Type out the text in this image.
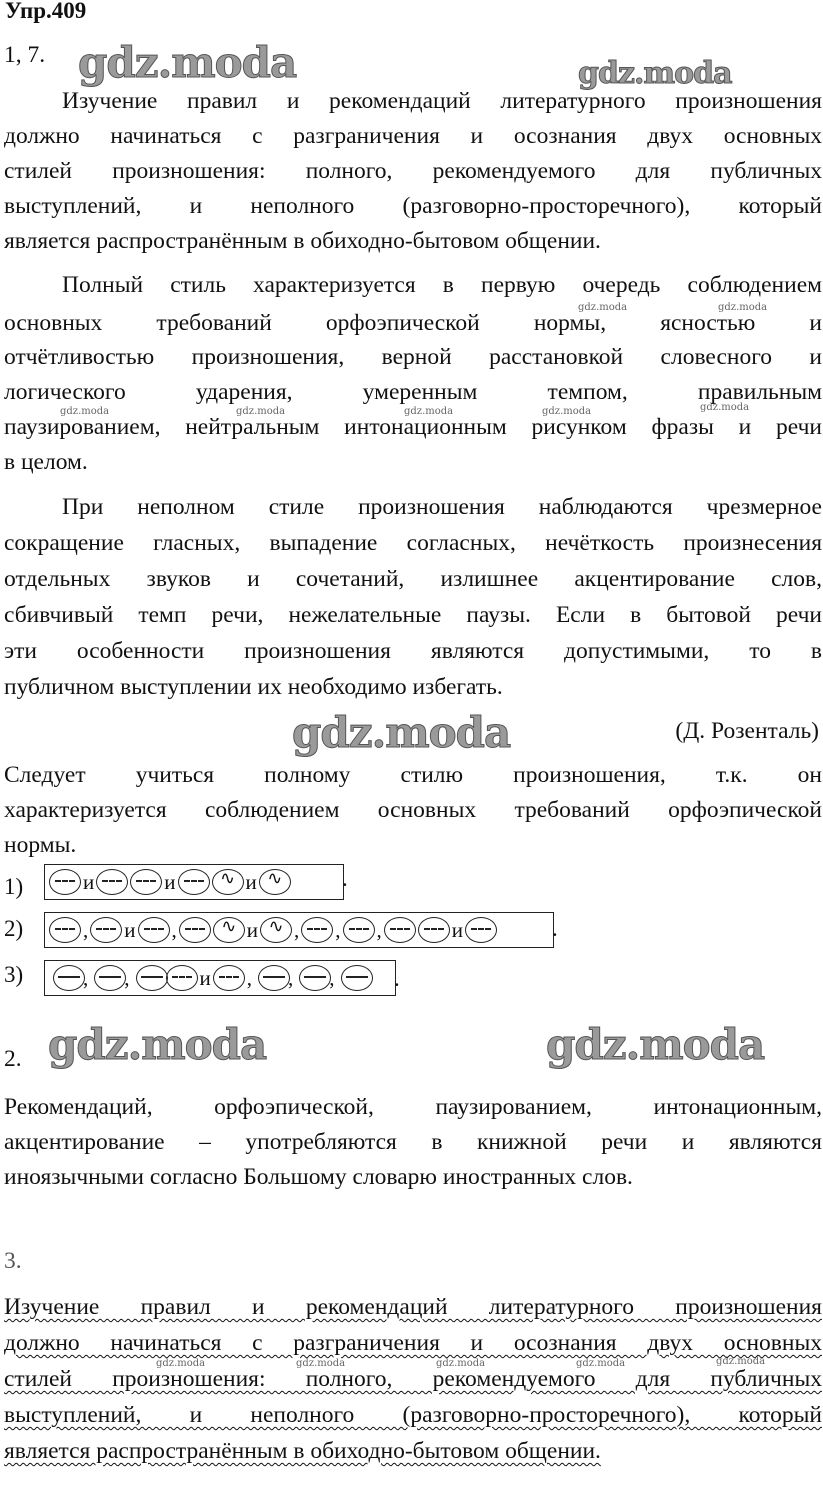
Упр.409
1, 7. gdz.moda	gdz.moda
gdz.moda
gdz.moda	gdz.moda
gdz.moda	gdz.moda
gdz.moda	gdz.moda	gdz.moda	gdz.moda	gdz.moda
gdz.moda	gdz.moda	gdz.moda	gdz.moda	gdz.moda
Изучение правил и рекомендаций литературного произношения
должно начинаться с разграничения и осознания двух основных
стилей произношения: полного, рекомендуемого для публичных
выступлений, и неполного (разговорно-просторечного), который
является распространённым в обиходно-бытовом общении.
Полный стиль характеризуется в первую очередь соблюдением
основных требований орфоэпической нормы, ясностью и
отчётливостью произношения, верной расстановкой словесного и
логического ударения, умеренным темпом, правильным
паузированием, нейтральным интонационным рисунком фразы и речи
в целом.
При неполном стиле произношения наблюдаются чрезмерное
сокращение гласных, выпадение согласных, нечёткость произнесения
отдельных звуков и сочетаний, излишнее акцентирование слов,
сбивчивый темп речи, нежелательные паузы. Если в бытовой речи
эти особенности произношения являются допустимыми, то в
публичном выступлении их необходимо избегать.
(Д. Розенталь)
Следует учиться полному стилю произношения, т.к. он
характеризуется соблюдением основных требований орфоэпической
нормы.
1)	и	и ∿	и ∿	.
2)	, и , ∿	и ∿ , , ,	и	.
3)	, ,	и , , ,	.
2.
Рекомендаций, орфоэпической, паузированием, интонационным,
акцентирование – употребляются в книжной речи и являются
иноязычными согласно Большому словарю иностранных слов.
3.
Изучение правил и рекомендаций литературного произношения
должно начинаться с разграничения и осознания двух основных
стилей произношения: полного, рекомендуемого для публичных
выступлений, и неполного (разговорно-просторечного), который
является распространённым в обиходно-бытовом общении.
